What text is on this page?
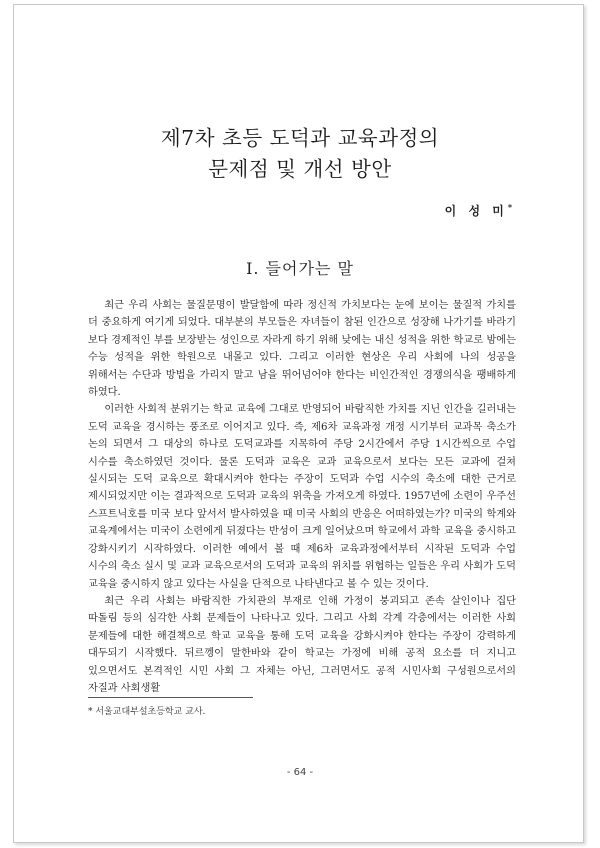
제7차 초등 도덕과 교육과정의
문제점 및 개선 방안
이 성 미*
Ⅰ. 들어가는 말

최근 우리 사회는 물질문명이 발달함에 따라 정신적 가치보다는 눈에 보이는 물질적 가치를 더 중요하게 여기게 되었다. 대부분의 부모들은 자녀들이 참된 인간으로 성장해 나가기를 바라기 보다 경제적인 부를 보장받는 성인으로 자라게 하기 위해 낮에는 내신 성적을 위한 학교로 밤에는 수능 성적을 위한 학원으로 내몰고 있다. 그리고 이러한 현상은 우리 사회에 나의 성공을 위해서는 수단과 방법을 가리지 말고 남을 뛰어넘어야 한다는 비인간적인 경쟁의식을 팽배하게 하였다.

이러한 사회적 분위기는 학교 교육에 그대로 반영되어 바람직한 가치를 지닌 인간을 길러내는 도덕 교육을 경시하는 풍조로 이어지고 있다. 즉, 제6차 교육과정 개정 시기부터 교과목 축소가 논의 되면서 그 대상의 하나로 도덕교과를 지목하여 주당 2시간에서 주당 1시간씩으로 수업 시수를 축소하였던 것이다. 물론 도덕과 교육은 교과 교육으로서 보다는 모든 교과에 걸쳐 실시되는 도덕 교육으로 확대시켜야 한다는 주장이 도덕과 수업 시수의 축소에 대한 근거로 제시되었지만 이는 결과적으로 도덕과 교육의 위축을 가져오게 하였다. 1957년에 소련이 우주선 스프트닉호를 미국 보다 앞서서 발사하였을 때 미국 사회의 반응은 어떠하였는가? 미국의 학계와 교육계에서는 미국이 소련에게 뒤졌다는 반성이 크게 일어났으며 학교에서 과학 교육을 중시하고 강화시키기 시작하였다. 이러한 예에서 볼 때 제6차 교육과정에서부터 시작된 도덕과 수업 시수의 축소 실시 및 교과 교육으로서의 도덕과 교육의 위치를 위협하는 일들은 우리 사회가 도덕 교육을 중시하지 않고 있다는 사실을 단적으로 나타낸다고 볼 수 있는 것이다.

최근 우리 사회는 바람직한 가치관의 부재로 인해 가정이 붕괴되고 존속 살인이나 집단 따돌림 등의 심각한 사회 문제들이 나타나고 있다. 그리고 사회 각계 각층에서는 이러한 사회 문제들에 대한 해결책으로 학교 교육을 통해 도덕 교육을 강화시켜야 한다는 주장이 강력하게 대두되기 시작했다. 뒤르껭이 말한바와 같이 학교는 가정에 비해 공적 요소를 더 지니고 있으면서도 본격적인 시민 사회 그 자체는 아닌, 그러면서도 공적 시민사회 구성원으로서의 자질과 사회생활

* 서울교대부설초등학교 교사.
- 64 -
